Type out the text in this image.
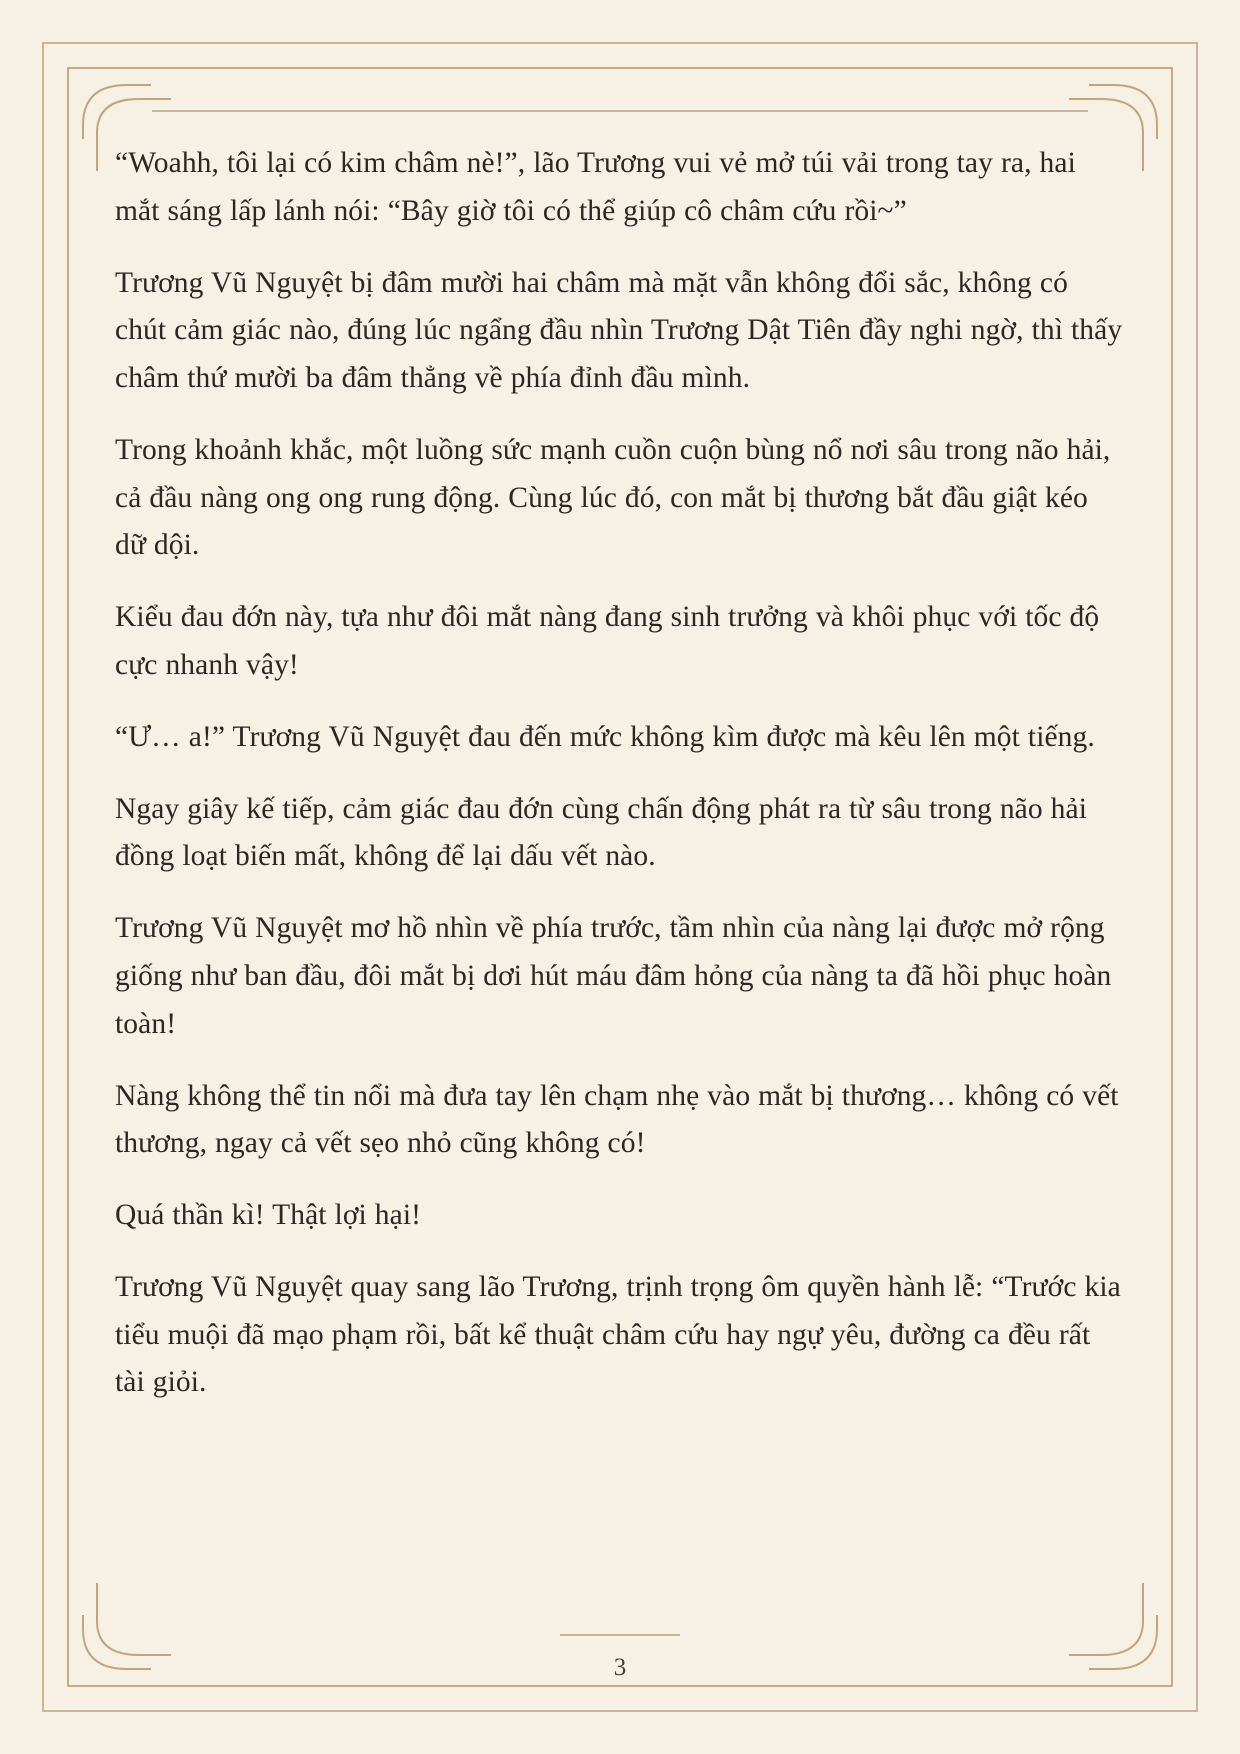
“Woahh, tôi lại có kim châm nè!”, lão Trương vui vẻ mở túi vải trong tay ra, hai mắt sáng lấp lánh nói: “Bây giờ tôi có thể giúp cô châm cứu rồi~”

Trương Vũ Nguyệt bị đâm mười hai châm mà mặt vẫn không đổi sắc, không có chút cảm giác nào, đúng lúc ngẩng đầu nhìn Trương Dật Tiên đầy nghi ngờ, thì thấy châm thứ mười ba đâm thẳng về phía đỉnh đầu mình.

Trong khoảnh khắc, một luồng sức mạnh cuồn cuộn bùng nổ nơi sâu trong não hải, cả đầu nàng ong ong rung động. Cùng lúc đó, con mắt bị thương bắt đầu giật kéo dữ dội.

Kiểu đau đớn này, tựa như đôi mắt nàng đang sinh trưởng và khôi phục với tốc độ cực nhanh vậy!

“Ư… a!” Trương Vũ Nguyệt đau đến mức không kìm được mà kêu lên một tiếng.

Ngay giây kế tiếp, cảm giác đau đớn cùng chấn động phát ra từ sâu trong não hải đồng loạt biến mất, không để lại dấu vết nào.

Trương Vũ Nguyệt mơ hồ nhìn về phía trước, tầm nhìn của nàng lại được mở rộng giống như ban đầu, đôi mắt bị dơi hút máu đâm hỏng của nàng ta đã hồi phục hoàn toàn!

Nàng không thể tin nổi mà đưa tay lên chạm nhẹ vào mắt bị thương… không có vết thương, ngay cả vết sẹo nhỏ cũng không có!

Quá thần kì! Thật lợi hại!

Trương Vũ Nguyệt quay sang lão Trương, trịnh trọng ôm quyền hành lễ: “Trước kia tiểu muội đã mạo phạm rồi, bất kể thuật châm cứu hay ngự yêu, đường ca đều rất tài giỏi.

3
